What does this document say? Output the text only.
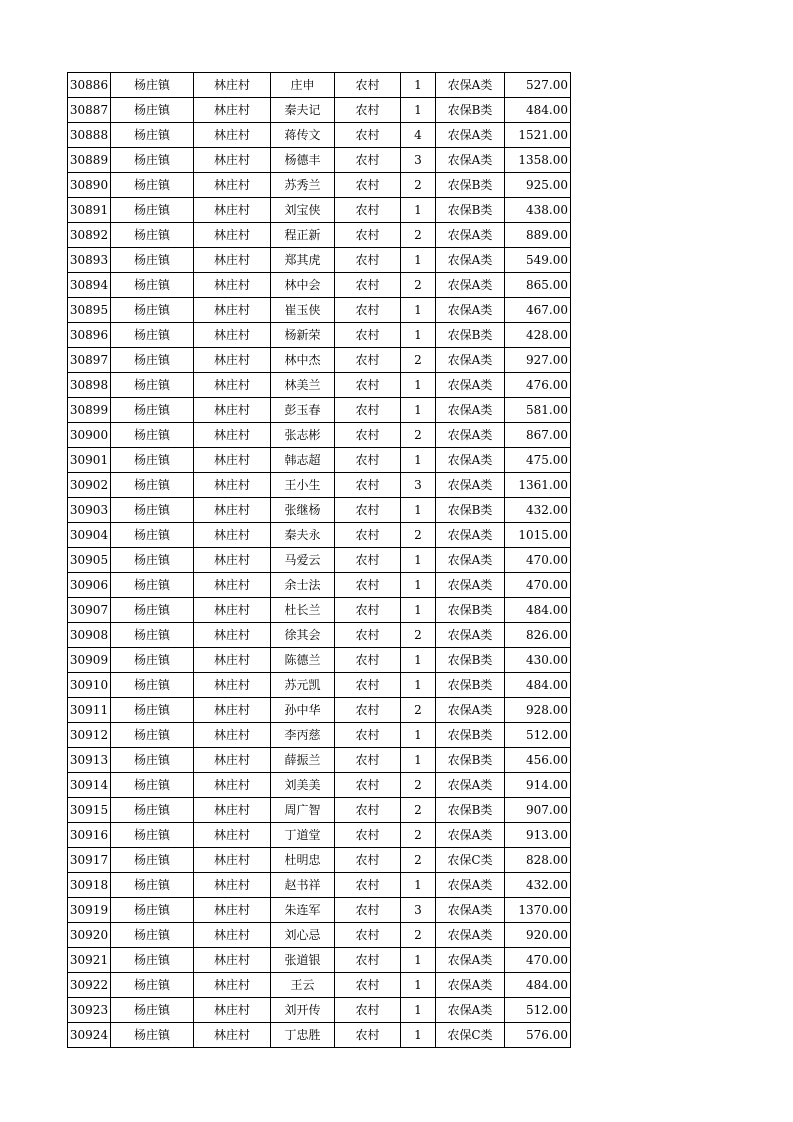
30886	杨庄镇	林庄村	庄申	农村	1	农保A类	527.00
30887	杨庄镇	林庄村	秦夫记	农村	1	农保B类	484.00
30888	杨庄镇	林庄村	蒋传文	农村	4	农保A类	1521.00
30889	杨庄镇	林庄村	杨德丰	农村	3	农保A类	1358.00
30890	杨庄镇	林庄村	苏秀兰	农村	2	农保B类	925.00
30891	杨庄镇	林庄村	刘宝侠	农村	1	农保B类	438.00
30892	杨庄镇	林庄村	程正新	农村	2	农保A类	889.00
30893	杨庄镇	林庄村	郑其虎	农村	1	农保A类	549.00
30894	杨庄镇	林庄村	林中会	农村	2	农保A类	865.00
30895	杨庄镇	林庄村	崔玉侠	农村	1	农保A类	467.00
30896	杨庄镇	林庄村	杨新荣	农村	1	农保B类	428.00
30897	杨庄镇	林庄村	林中杰	农村	2	农保A类	927.00
30898	杨庄镇	林庄村	林美兰	农村	1	农保A类	476.00
30899	杨庄镇	林庄村	彭玉春	农村	1	农保A类	581.00
30900	杨庄镇	林庄村	张志彬	农村	2	农保A类	867.00
30901	杨庄镇	林庄村	韩志超	农村	1	农保A类	475.00
30902	杨庄镇	林庄村	王小生	农村	3	农保A类	1361.00
30903	杨庄镇	林庄村	张继杨	农村	1	农保B类	432.00
30904	杨庄镇	林庄村	秦夫永	农村	2	农保A类	1015.00
30905	杨庄镇	林庄村	马爱云	农村	1	农保A类	470.00
30906	杨庄镇	林庄村	余士法	农村	1	农保A类	470.00
30907	杨庄镇	林庄村	杜长兰	农村	1	农保B类	484.00
30908	杨庄镇	林庄村	徐其会	农村	2	农保A类	826.00
30909	杨庄镇	林庄村	陈德兰	农村	1	农保B类	430.00
30910	杨庄镇	林庄村	苏元凯	农村	1	农保B类	484.00
30911	杨庄镇	林庄村	孙中华	农村	2	农保A类	928.00
30912	杨庄镇	林庄村	李丙慈	农村	1	农保B类	512.00
30913	杨庄镇	林庄村	薛振兰	农村	1	农保B类	456.00
30914	杨庄镇	林庄村	刘美美	农村	2	农保A类	914.00
30915	杨庄镇	林庄村	周广智	农村	2	农保B类	907.00
30916	杨庄镇	林庄村	丁道堂	农村	2	农保A类	913.00
30917	杨庄镇	林庄村	杜明忠	农村	2	农保C类	828.00
30918	杨庄镇	林庄村	赵书祥	农村	1	农保A类	432.00
30919	杨庄镇	林庄村	朱连军	农村	3	农保A类	1370.00
30920	杨庄镇	林庄村	刘心忌	农村	2	农保A类	920.00
30921	杨庄镇	林庄村	张道银	农村	1	农保A类	470.00
30922	杨庄镇	林庄村	王云	农村	1	农保A类	484.00
30923	杨庄镇	林庄村	刘开传	农村	1	农保A类	512.00
30924	杨庄镇	林庄村	丁忠胜	农村	1	农保C类	576.00
